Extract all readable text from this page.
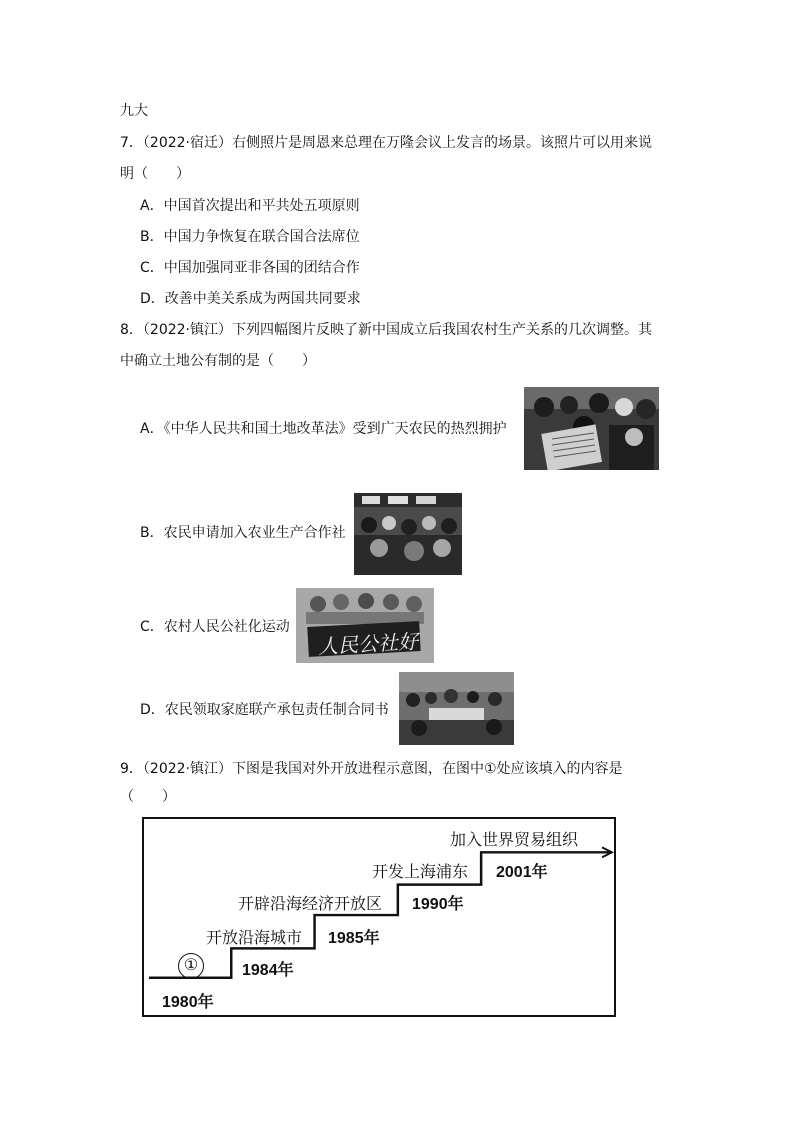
九大
7．（2022·宿迁）右侧照片是周恩来总理在万隆会议上发言的场景。该照片可以用来说
明（　　）
A．中国首次提出和平共处五项原则
B．中国力争恢复在联合国合法席位
C．中国加强同亚非各国的团结合作
D．改善中美关系成为两国共同要求
8．（2022·镇江）下列四幅图片反映了新中国成立后我国农村生产关系的几次调整。其
中确立土地公有制的是（　　）
A．《中华人民共和国土地改革法》受到广天农民的热烈拥护
B．农民申请加入农业生产合作社
C．农村人民公社化运动
人民公社好
D．农民领取家庭联产承包责任制合同书
9．（2022·镇江）下图是我国对外开放进程示意图，在图中①处应该填入的内容是
（　　）
1980年
①	1984年
开放沿海城市 1985年
开辟沿海经济开放区 1990年
开发上海浦东 2001年
加入世界贸易组织
